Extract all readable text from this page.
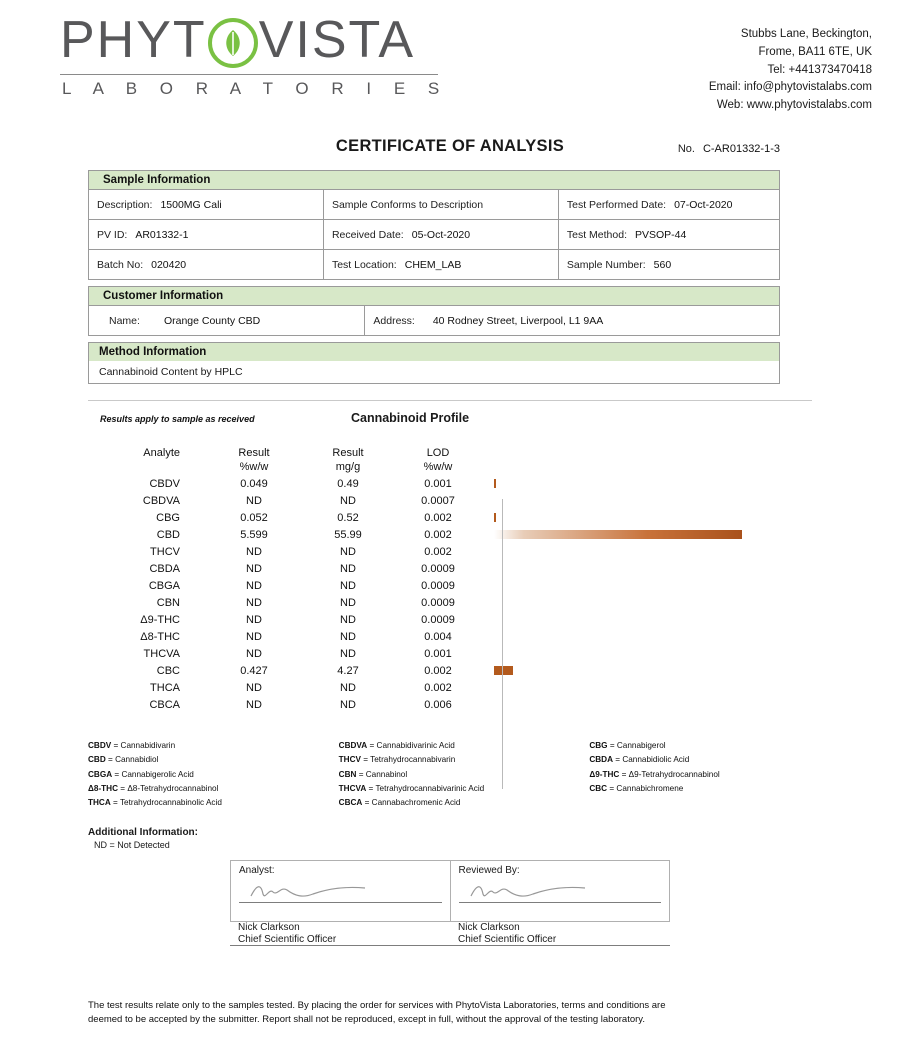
PHYT VISTA
L A B O R A T O R I E S
Stubbs Lane, Beckington,
Frome, BA11 6TE, UK
Tel: +441373470418
Email: info@phytovistalabs.com
Web: www.phytovistalabs.com
CERTIFICATE OF ANALYSIS	No. C-AR01332-1-3
Sample Information
Description: 1500MG Cali	Sample Conforms to Description	Test Performed Date: 07-Oct-2020
PV ID: AR01332-1	Received Date: 05-Oct-2020	Test Method: PVSOP-44
Batch No: 020420	Test Location: CHEM_LAB	Sample Number: 560
Customer Information
Name: Orange County CBD	Address: 40 Rodney Street, Liverpool, L1 9AA
Method Information
Cannabinoid Content by HPLC
Results apply to sample as received	Cannabinoid Profile
Analyte	Result	Result	LOD	
	%w/w	mg/g	%w/w	
CBDV	0.049	0.49	0.001	

CBDVA	ND	ND	0.0007	
CBG	0.052	0.52	0.002	

CBD	5.599	55.99	0.002	

THCV	ND	ND	0.002	
CBDA	ND	ND	0.0009	
CBGA	ND	ND	0.0009	
CBN	ND	ND	0.0009	
Δ9-THC	ND	ND	0.0009	
Δ8-THC	ND	ND	0.004	
THCVA	ND	ND	0.001	
CBC	0.427	4.27	0.002	

THCA	ND	ND	0.002	
CBCA	ND	ND	0.006	
CBDV = Cannabidivarin
CBD = Cannabidiol
CBGA = Cannabigerolic Acid
Δ8-THC = Δ8-Tetrahydrocannabinol
THCA = Tetrahydrocannabinolic Acid
CBDVA = Cannabidivarinic Acid
THCV = Tetrahydrocannabivarin
CBN = Cannabinol
THCVA = Tetrahydrocannabivarinic Acid
CBCA = Cannabachromenic Acid
CBG = Cannabigerol
CBDA = Cannabidiolic Acid
Δ9-THC = Δ9-Tetrahydrocannabinol
CBC = Cannabichromene
Additional Information:
ND = Not Detected
Analyst:	Reviewed By:
Nick Clarkson
Chief Scientific Officer
Nick Clarkson
Chief Scientific Officer
The test results relate only to the samples tested. By placing the order for services with PhytoVista Laboratories, terms and conditions are
deemed to be accepted by the submitter. Report shall not be reproduced, except in full, without the approval of the testing laboratory.
